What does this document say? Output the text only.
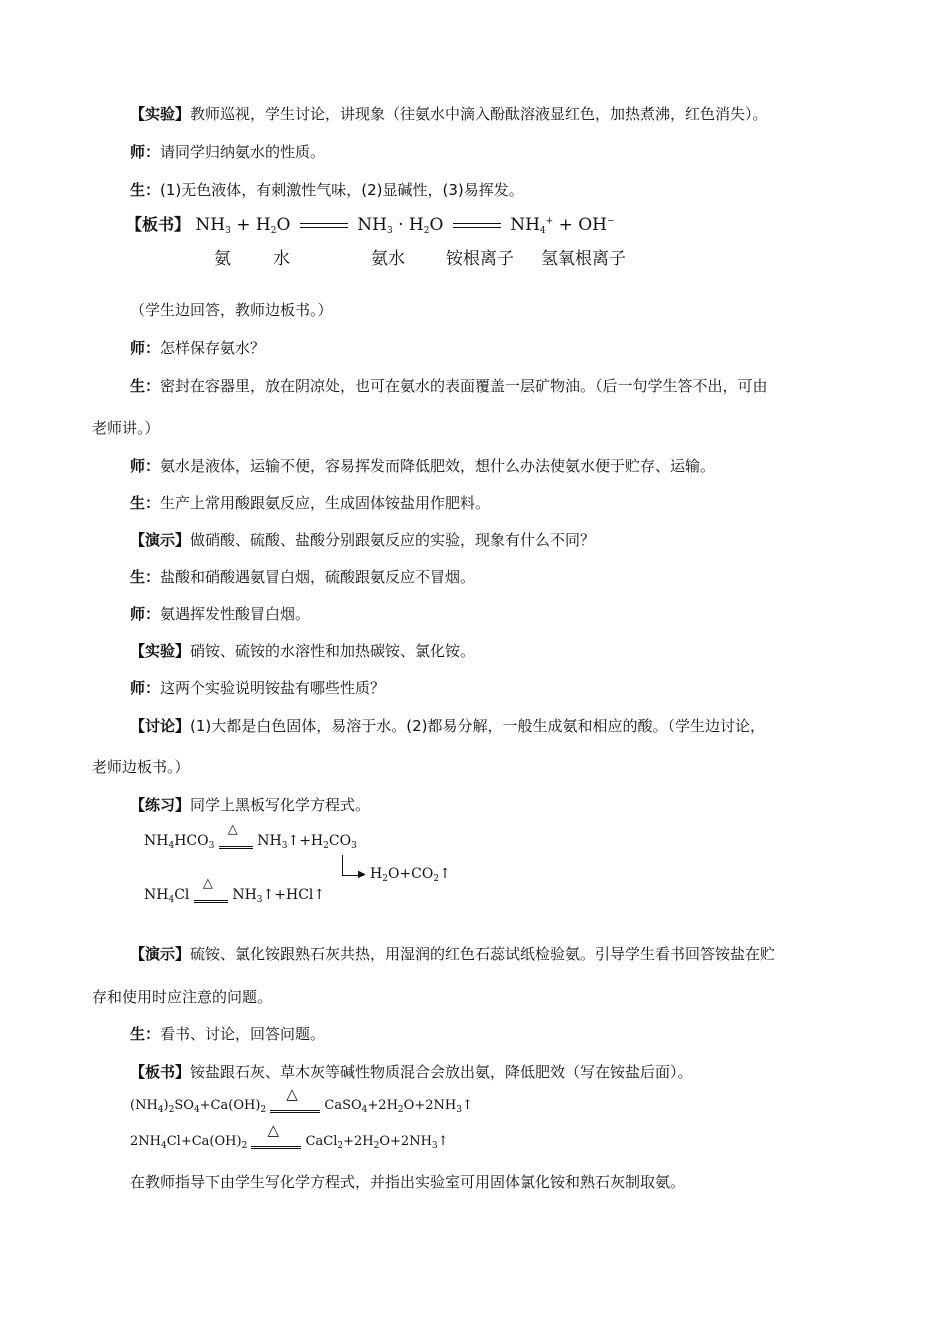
【实验】教师巡视，学生讨论，讲现象（往氨水中滴入酚酞溶液显红色，加热煮沸，红色消失）。
师：请同学归纳氨水的性质。
生：(1)无色液体，有刺激性气味，(2)显碱性，(3)易挥发。
【板书】 $NH_3 + H_2O$	$NH_3 \cdot H_2O$	$NH_4^+ + OH^-$
氨 水	氨水 铵根离子 氢氧根离子
（学生边回答，教师边板书。）
师：怎样保存氨水？
生：密封在容器里，放在阴凉处，也可在氨水的表面覆盖一层矿物油。（后一句学生答不出，可由
老师讲。）
师：氨水是液体，运输不便，容易挥发而降低肥效，想什么办法使氨水便于贮存、运输。
生：生产上常用酸跟氨反应，生成固体铵盐用作肥料。
【演示】做硝酸、硫酸、盐酸分别跟氨反应的实验，现象有什么不同？
生：盐酸和硝酸遇氨冒白烟，硫酸跟氨反应不冒烟。
师：氨遇挥发性酸冒白烟。
【实验】硝铵、硫铵的水溶性和加热碳铵、氯化铵。
师：这两个实验说明铵盐有哪些性质？
【讨论】(1)大都是白色固体，易溶于水。(2)都易分解，一般生成氨和相应的酸。（学生边讨论，
老师边板书。）
【练习】同学上黑板写化学方程式。
$NH_4HCO_3$
△
$NH_3↑+H_2CO_3$
▶ $H_2O+CO_2↑$
$NH_4Cl$
△
$NH_3↑+HCl↑$
【演示】硫铵、氯化铵跟熟石灰共热，用湿润的红色石蕊试纸检验氨。引导学生看书回答铵盐在贮
存和使用时应注意的问题。
生：看书、讨论，回答问题。
【板书】铵盐跟石灰、草木灰等碱性物质混合会放出氨，降低肥效（写在铵盐后面）。
$(NH_4)_2SO_4+Ca(OH)_2$
△
$CaSO_4+2H_2O+2NH_3↑$
$2NH_4Cl+Ca(OH)_2$
△
$CaCl_2+2H_2O+2NH_3↑$
在教师指导下由学生写化学方程式，并指出实验室可用固体氯化铵和熟石灰制取氨。
